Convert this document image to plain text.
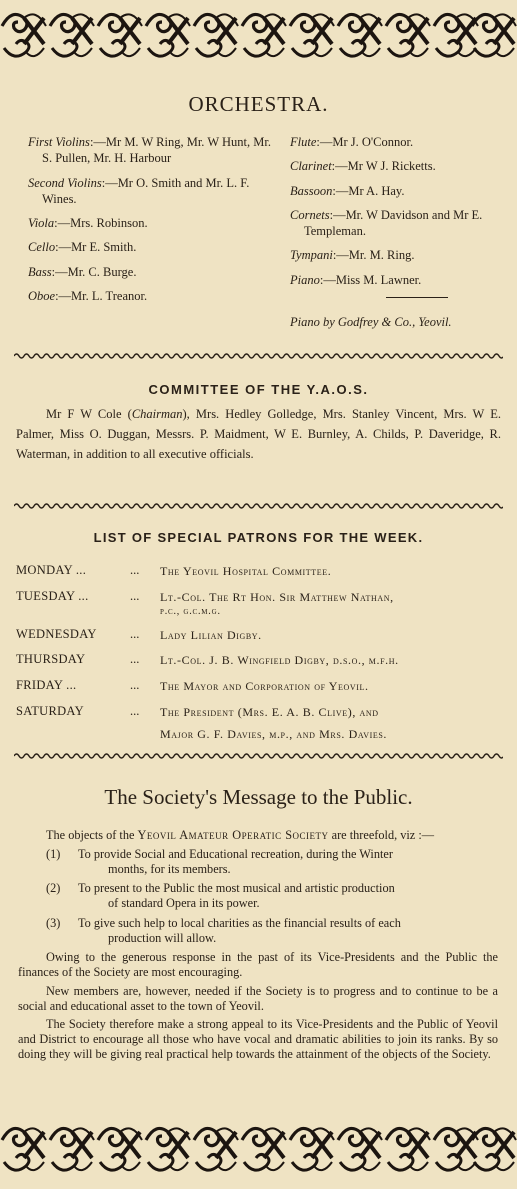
ORCHESTRA.
First Violins:—Mr M. W Ring, Mr. W Hunt, Mr. S. Pullen, Mr. H. Harbour
Second Violins:—Mr O. Smith and Mr. L. F. Wines.
Viola:—Mrs. Robinson.
Cello:—Mr E. Smith.
Bass:—Mr. C. Burge.
Oboe:—Mr. L. Treanor.
Flute:—Mr J. O'Connor.
Clarinet:—Mr W J. Ricketts.
Bassoon:—Mr A. Hay.
Cornets:—Mr. W Davidson and Mr E. Templeman.
Tympani:—Mr. M. Ring.
Piano:—Miss M. Lawner.
Piano by Godfrey & Co., Yeovil.
COMMITTEE OF THE Y.A.O.S.
Mr F W Cole (Chairman), Mrs. Hedley Golledge, Mrs. Stanley Vincent, Mrs. W E. Palmer, Miss O. Duggan, Messrs. P. Maidment, W E. Burnley, A. Childs, P. Daveridge, R. Waterman, in addition to all executive officials.
LIST OF SPECIAL PATRONS FOR THE WEEK.
MONDAY ...	... The Yeovil Hospital Committee.
TUESDAY ...	... Lt.-Col. The Rt Hon. Sir Matthew Nathan,
p.c., g.c.m.g.
WEDNESDAY	... Lady Lilian Digby.
THURSDAY	... Lt.-Col. J. B. Wingfield Digby, d.s.o., m.f.h.
FRIDAY ...	... The Mayor and Corporation of Yeovil.
SATURDAY	... The President (Mrs. E. A. B. Clive), and
Major G. F. Davies, m.p., and Mrs. Davies.
The Society's Message to the Public.

The objects of the Yeovil Amateur Operatic Society are threefold, viz :—

(1) To provide Social and Educational recreation, during the Winter
months, for its members.
(2) To present to the Public the most musical and artistic production
of standard Opera in its power.
(3) To give such help to local charities as the financial results of each
production will allow.

Owing to the generous response in the past of its Vice-Presidents and the Public the finances of the Society are most encouraging.

New members are, however, needed if the Society is to progress and to continue to be a social and educational asset to the town of Yeovil.

The Society therefore make a strong appeal to its Vice-Presidents and the Public of Yeovil and District to encourage all those who have vocal and dramatic abilities to join its ranks. By so doing they will be giving real practical help towards the attainment of the objects of the Society.
